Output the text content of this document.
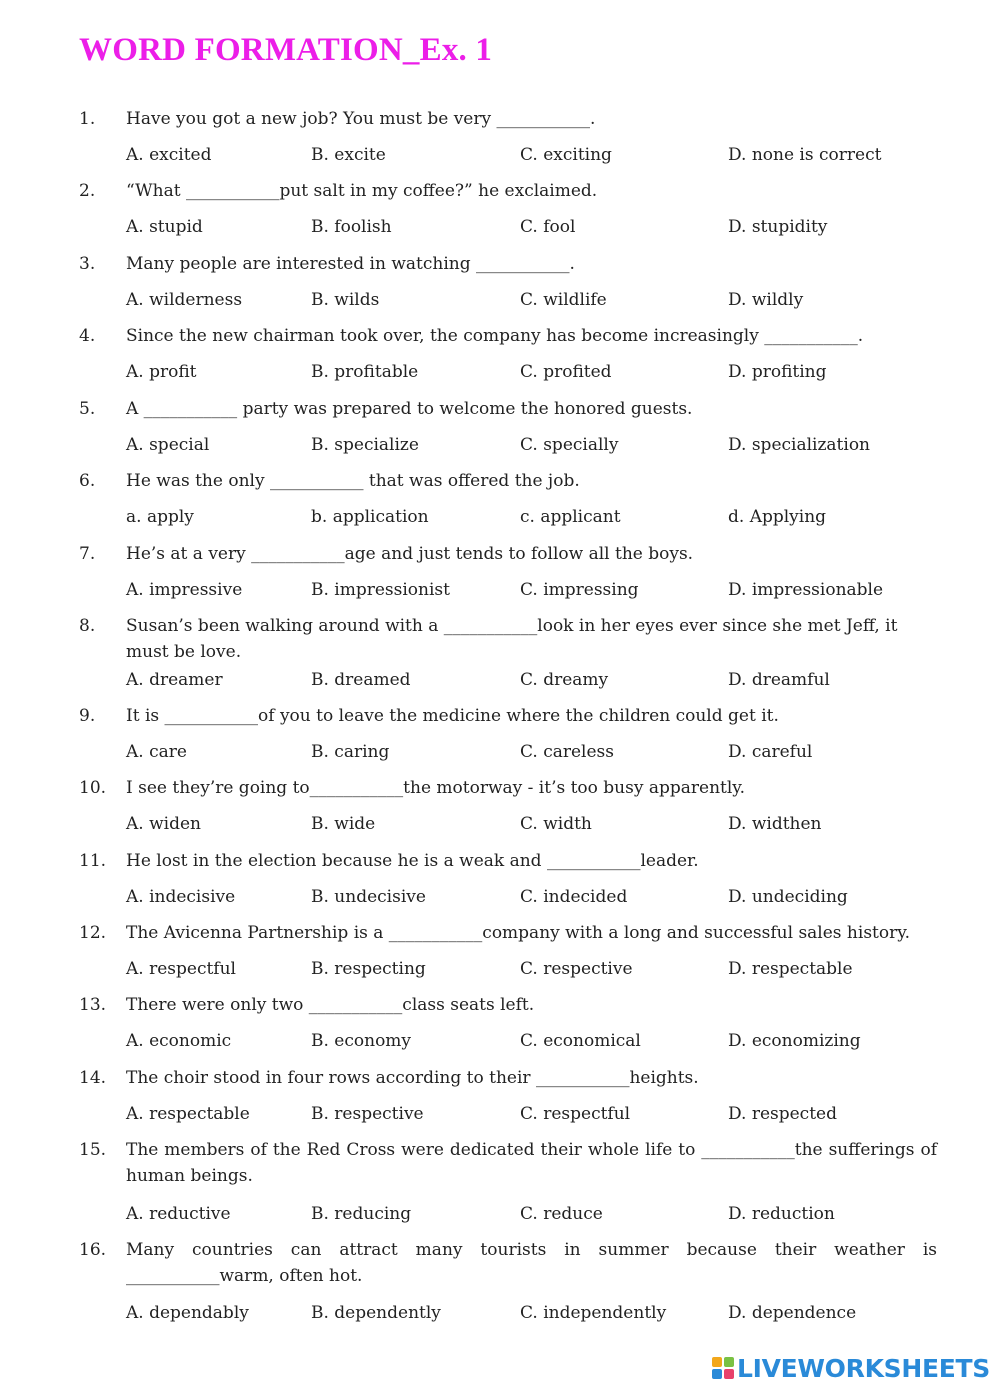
WORD FORMATION_Ex. 1
1. Have you got a new job? You must be very ___________.
A. excited	B. excite	C. exciting	D. none is correct
2. “What ___________put salt in my coffee?” he exclaimed.
A. stupid	B. foolish	C. fool	D. stupidity
3. Many people are interested in watching ___________.
A. wilderness	B. wilds	C. wildlife	D. wildly
4. Since the new chairman took over, the company has become increasingly ___________.
A. profit	B. profitable	C. profited	D. profiting
5. A ___________ party was prepared to welcome the honored guests.
A. special	B. specialize	C. specially	D. specialization
6. He was the only ___________ that was offered the job.
a. apply	b. application	c. applicant	d. Applying
7. He’s at a very ___________age and just tends to follow all the boys.
A. impressive	B. impressionist	C. impressing	D. impressionable
8. Susan’s been walking around with a ___________look in her eyes ever since she met Jeff, it must be love.
A. dreamer	B. dreamed	C. dreamy	D. dreamful
9. It is ___________of you to leave the medicine where the children could get it.
A. care	B. caring	C. careless	D. careful
10. I see they’re going to___________the motorway - it’s too busy apparently.
A. widen	B. wide	C. width	D. widthen
11. He lost in the election because he is a weak and ___________leader.
A. indecisive	B. undecisive	C. indecided	D. undeciding
12. The Avicenna Partnership is a ___________company with a long and successful sales history.
A. respectful	B. respecting	C. respective	D. respectable
13. There were only two ___________class seats left.
A. economic	B. economy	C. economical	D. economizing
14. The choir stood in four rows according to their ___________heights.
A. respectable	B. respective	C. respectful	D. respected
15. The members of the Red Cross were dedicated their whole life to ___________the sufferings of human beings.
A. reductive	B. reducing	C. reduce	D. reduction
16. Many countries can attract many tourists in summer because their weather is ___________warm, often hot.
A. dependably	B. dependently	C. independently	D. dependence
LIVEWORKSHEETS
